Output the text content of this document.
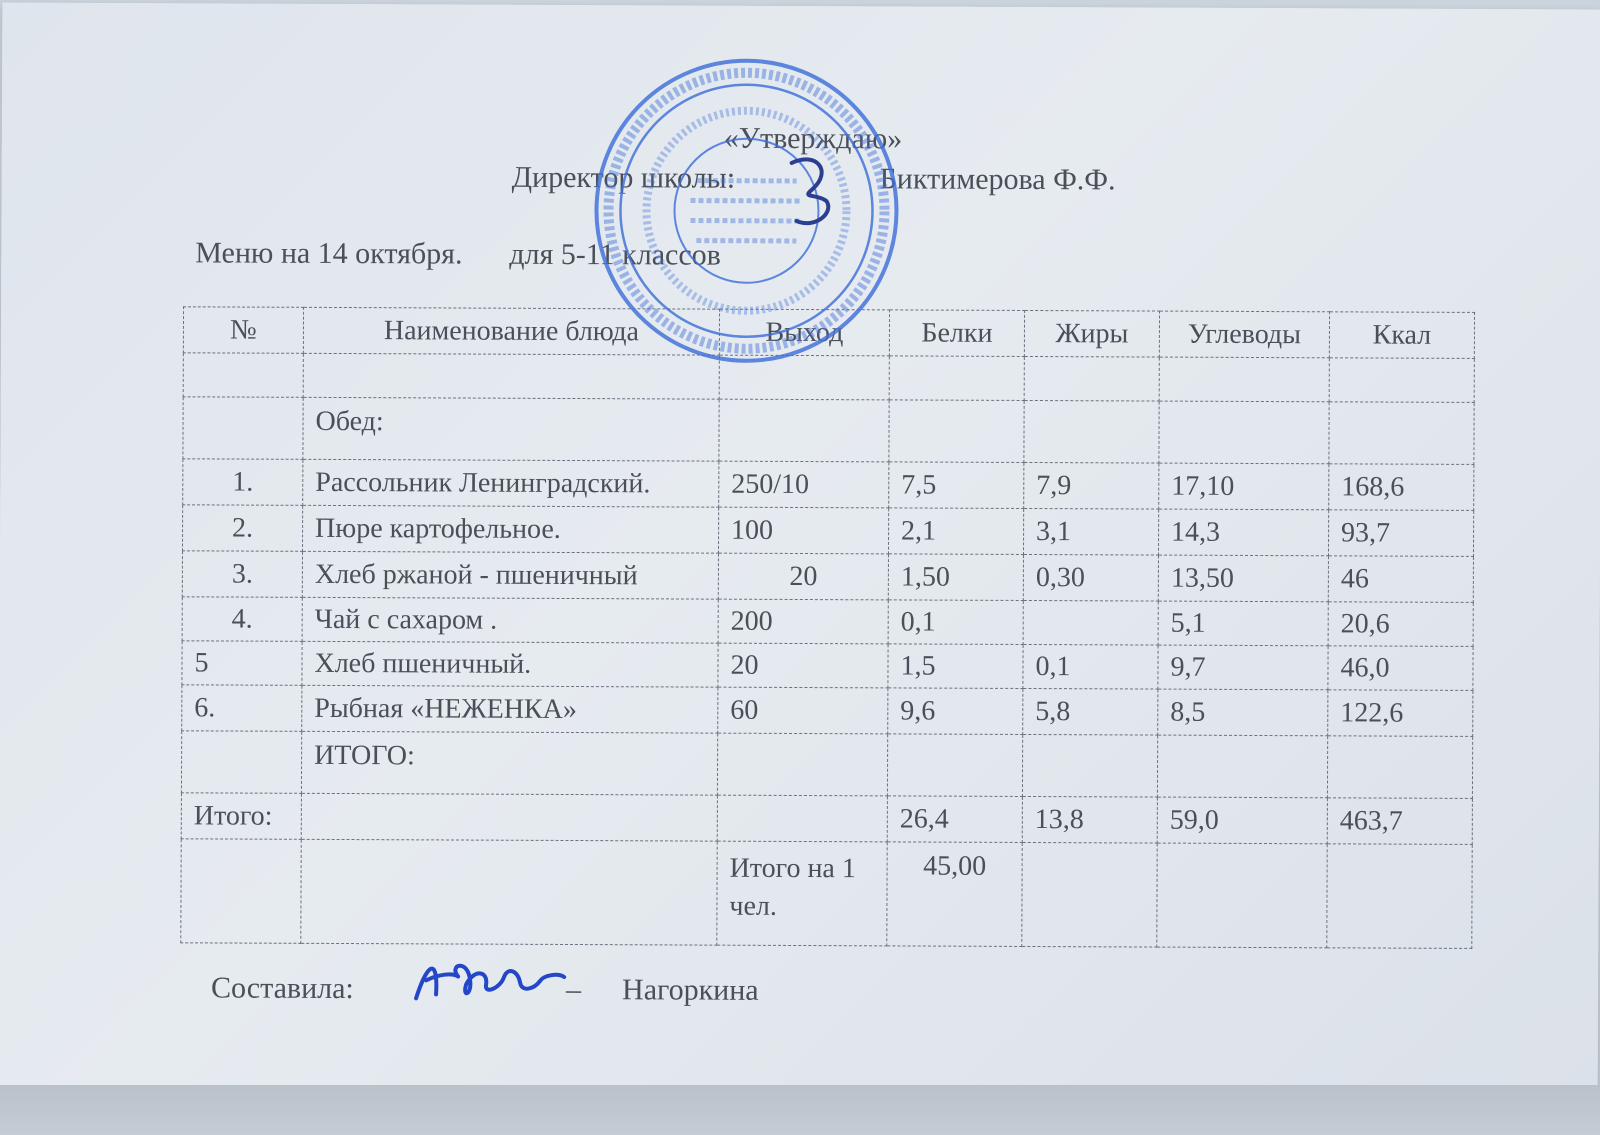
«Утверждаю»
Директор школы:	Биктимерова Ф.Ф.
Меню на 14 октября. для 5-11 классов
№	Наименование блюда	Выход	Белки	Жиры	Углеводы	Ккал

	Обед:					
1.	Рассольник Ленинградский.	250/10	7,5	7,9	17,10	168,6
2.	Пюре картофельное.	100	2,1	3,1	14,3	93,7
3.	Хлеб ржаной - пшеничный	20	1,50	0,30	13,50	46
4.	Чай с сахаром .	200	0,1		5,1	20,6
5	Хлеб пшеничный.	20	1,5	0,1	9,7	46,0
6.	Рыбная «НЕЖЕНКА»	60	9,6	5,8	8,5	122,6
	ИТОГО:					
Итого:			26,4	13,8	59,0	463,7
		Итого на 1 чел.	45,00			
Составила:	– Нагоркина
